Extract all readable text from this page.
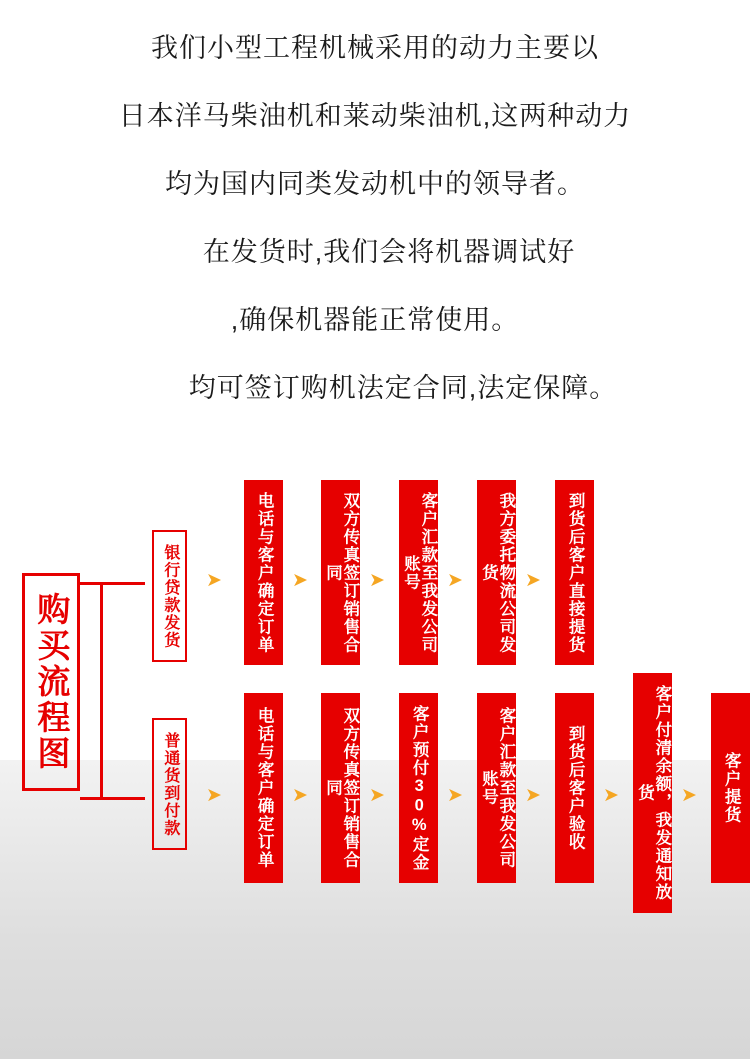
我们小型工程机械采用的动力主要以
日本洋马柴油机和莱动柴油机,这两种动力
均为国内同类发动机中的领导者。
　在发货时,我们会将机器调试好
,确保机器能正常使用。
　　均可签订购机法定合同,法定保障。
购买流程图	银行贷款发货
普通货到付款
➤
➤
电话与客户确定订单 ➤	双方传真签订销售合同	➤	客户汇款至我发公司账号	➤	我方委托物流公司发货	➤	到货后客户直接提货
电话与客户确定订单 ➤	双方传真签订销售合同	➤	客户预付30%定金 ➤	客户汇款至我发公司账号	➤	到货后客户验收 ➤	客户付清余额，我发通知放货	➤	客户提货
